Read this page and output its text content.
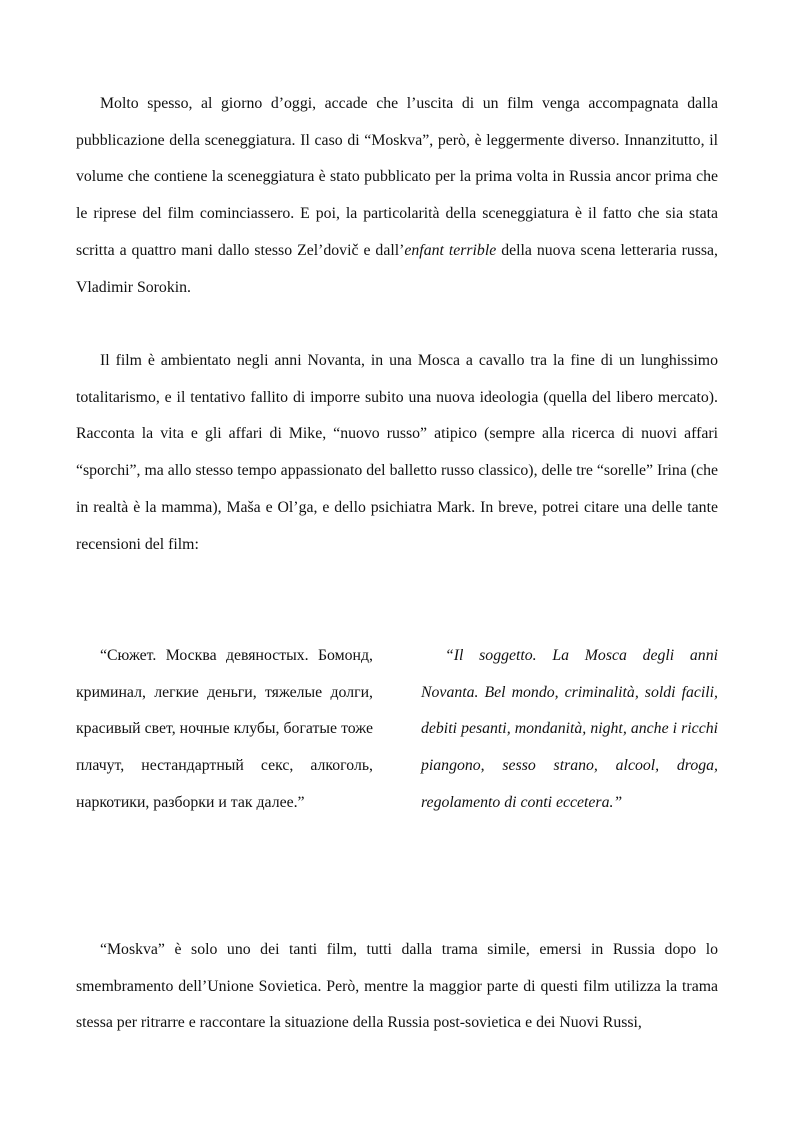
Molto spesso, al giorno d’oggi, accade che l’uscita di un film venga accompagnata dalla pubblicazione della sceneggiatura. Il caso di “Moskva”, però, è leggermente diverso. Innanzitutto, il volume che contiene la sceneggiatura è stato pubblicato per la prima volta in Russia ancor prima che le riprese del film cominciassero. E poi, la particolarità della sceneggiatura è il fatto che sia stata scritta a quattro mani dallo stesso Zel’dovič e dall’enfant terrible della nuova scena letteraria russa, Vladimir Sorokin.

Il film è ambientato negli anni Novanta, in una Mosca a cavallo tra la fine di un lunghissimo totalitarismo, e il tentativo fallito di imporre subito una nuova ideologia (quella del libero mercato). Racconta la vita e gli affari di Mike, “nuovo russo” atipico (sempre alla ricerca di nuovi affari “sporchi”, ma allo stesso tempo appassionato del balletto russo classico), delle tre “sorelle” Irina (che in realtà è la mamma), Maša e Ol’ga, e dello psichiatra Mark. In breve, potrei citare una delle tante recensioni del film:

“Сюжет. Москва девяностых. Бомонд, криминал, легкие деньги, тяжелые долги, красивый свет, ночные клубы, богатые тоже плачут, нестандартный секс, алкоголь, наркотики, разборки и так далее.”

“Il soggetto. La Mosca degli anni Novanta. Bel mondo, criminalità, soldi facili, debiti pesanti, mondanità, night, anche i ricchi piangono, sesso strano, alcool, droga, regolamento di conti eccetera.”

“Moskva” è solo uno dei tanti film, tutti dalla trama simile, emersi in Russia dopo lo smembramento dell’Unione Sovietica. Però, mentre la maggior parte di questi film utilizza la trama stessa per ritrarre e raccontare la situazione della Russia post-sovietica e dei Nuovi Russi,
